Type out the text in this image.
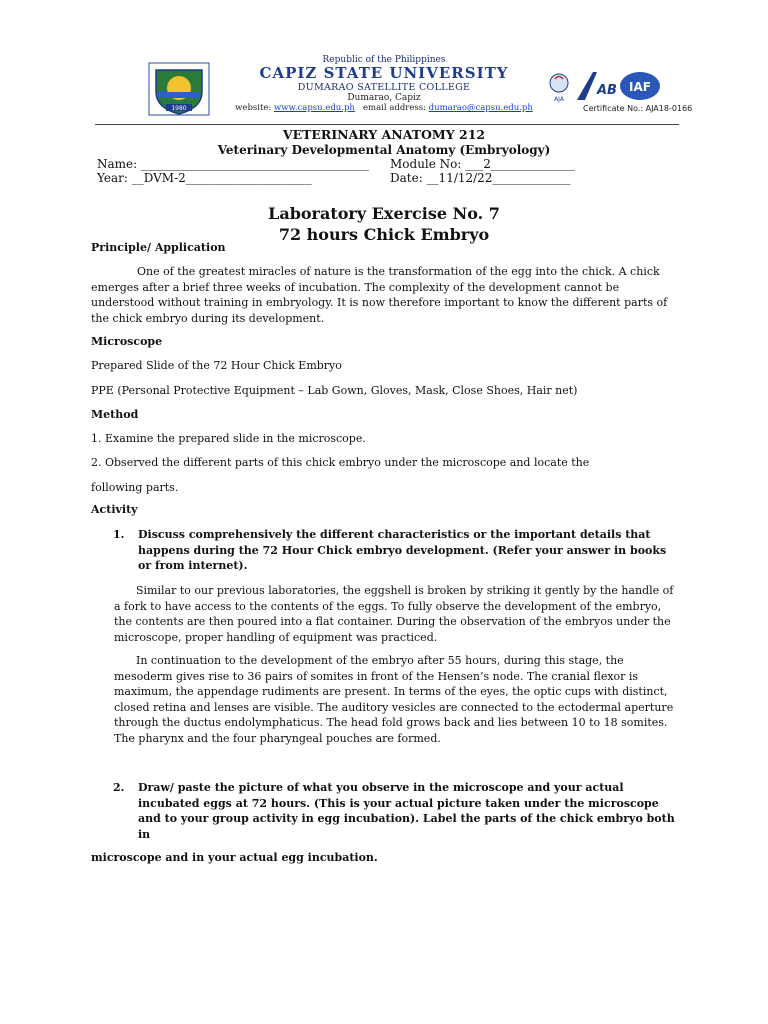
1980
Republic of the Philippines
CAPIZ STATE UNIVERSITY
DUMARAO SATELLITE COLLEGE
Dumarao, Capiz
website: www.capsu.edu.ph email address: dumarao@capsu.edu.ph
AJA
AB IAF
Certificate No.: AJA18-0166
VETERINARY ANATOMY 212
Veterinary Developmental Anatomy (Embryology)
Name: ______________________________________
Year: __DVM-2_____________________
Module No: ___2______________
Date: __11/12/22_____________
Laboratory Exercise No. 7
72 hours Chick Embryo
Principle/ Application

One of the greatest miracles of nature is the transformation of the egg into the chick. A chick emerges after a brief three weeks of incubation. The complexity of the development cannot be understood without training in embryology. It is now therefore important to know the different parts of the chick embryo during its development.

Microscope
Prepared Slide of the 72 Hour Chick Embryo
PPE (Personal Protective Equipment – Lab Gown, Gloves, Mask, Close Shoes, Hair net)
Method
1. Examine the prepared slide in the microscope.
2. Observed the different parts of this chick embryo under the microscope and locate the
following parts.
Activity
1.	Discuss comprehensively the different characteristics or the important details that happens during the 72 Hour Chick embryo development. (Refer your answer in books or from internet).

Similar to our previous laboratories, the eggshell is broken by striking it gently by the handle of a fork to have access to the contents of the eggs. To fully observe the development of the embryo, the contents are then poured into a flat container. During the observation of the embryos under the microscope, proper handling of equipment was practiced.

In continuation to the development of the embryo after 55 hours, during this stage, the mesoderm gives rise to 36 pairs of somites in front of the Hensen’s node. The cranial flexor is maximum, the appendage rudiments are present. In terms of the eyes, the optic cups with distinct, closed retina and lenses are visible. The auditory vesicles are connected to the ectodermal aperture through the ductus endolymphaticus. The head fold grows back and lies between 10 to 18 somites. The pharynx and the four pharyngeal pouches are formed.

2.	Draw/ paste the picture of what you observe in the microscope and your actual incubated eggs at 72 hours. (This is your actual picture taken under the microscope and to your group activity in egg incubation). Label the parts of the chick embryo both in
microscope and in your actual egg incubation.
